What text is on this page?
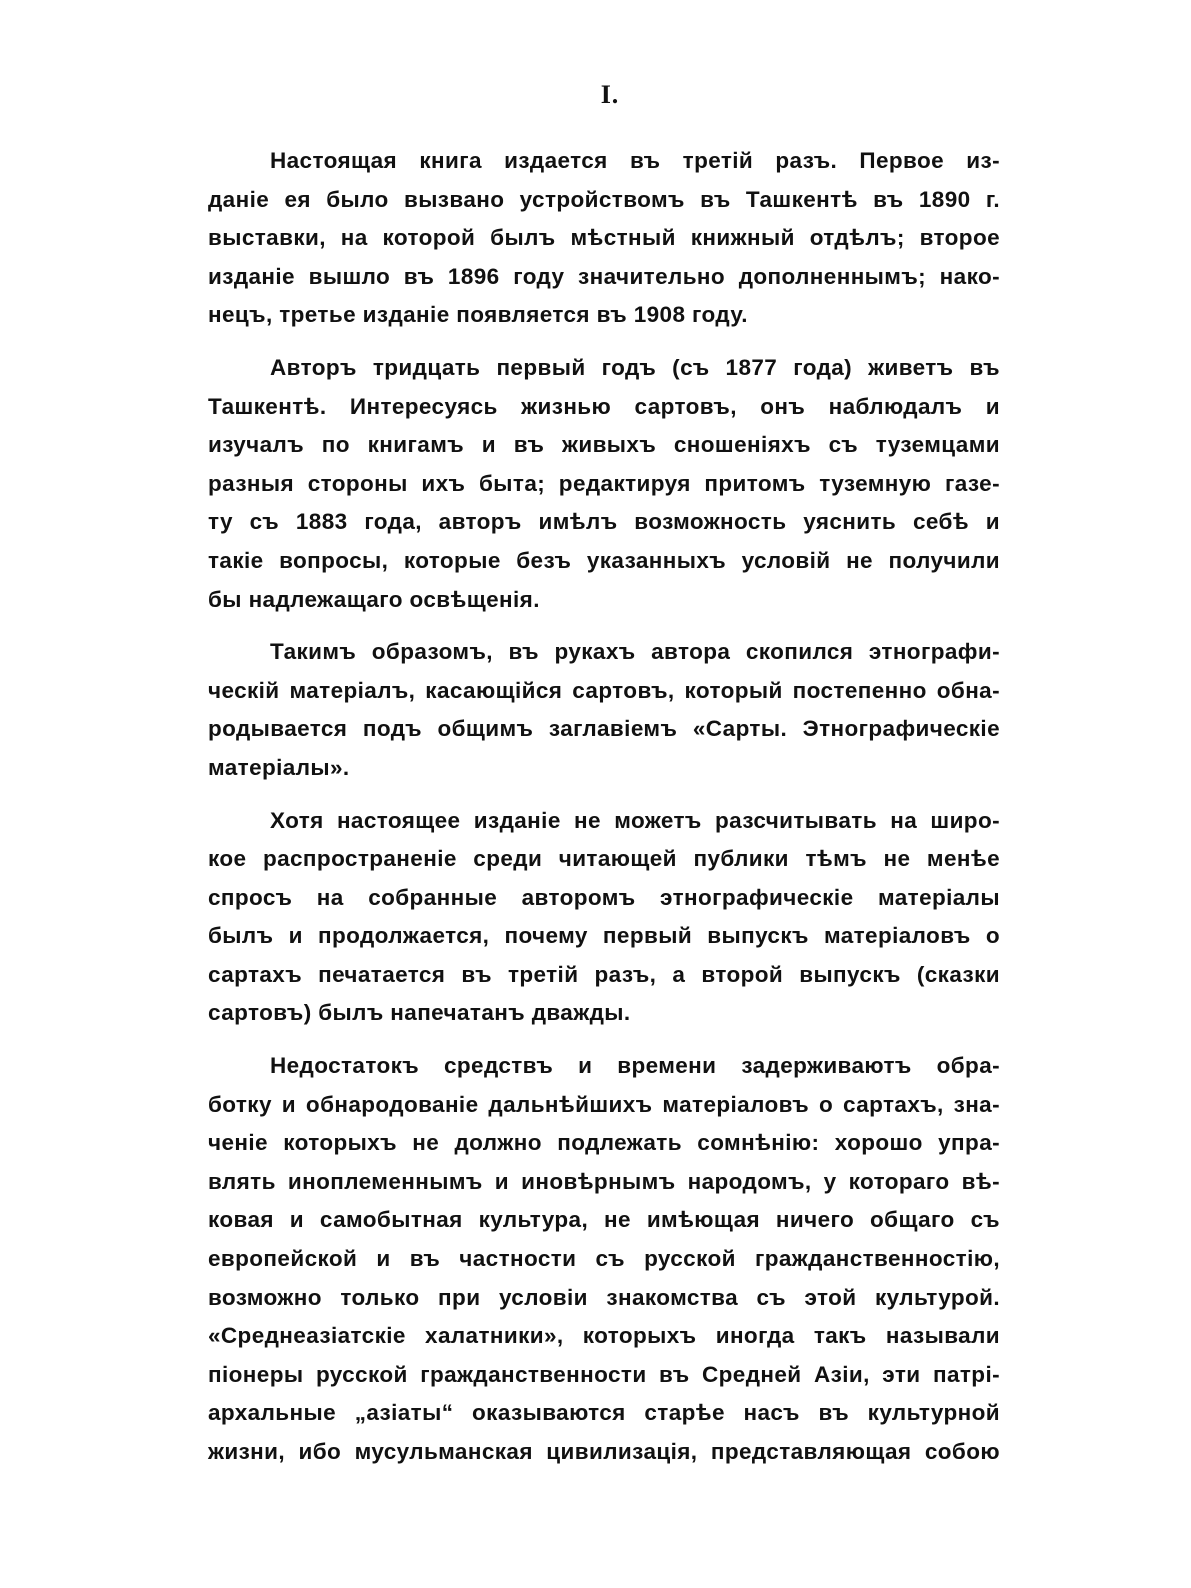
I.

Настоящая книга издается въ третій разъ. Первое из-
даніе ея было вызвано устройствомъ въ Ташкентѣ въ 1890 г.
выставки, на которой былъ мѣстный книжный отдѣлъ; второе
изданіе вышло въ 1896 году значительно дополненнымъ; нако-
нецъ, третье изданіе появляется въ 1908 году.

Авторъ тридцать первый годъ (съ 1877 года) живетъ въ
Ташкентѣ. Интересуясь жизнью сартовъ, онъ наблюдалъ и
изучалъ по книгамъ и въ живыхъ сношеніяхъ съ туземцами
разныя стороны ихъ быта; редактируя притомъ туземную газе-
ту съ 1883 года, авторъ имѣлъ возможность уяснить себѣ и
такіе вопросы, которые безъ указанныхъ условій не получили
бы надлежащаго освѣщенія.

Такимъ образомъ, въ рукахъ автора скопился этнографи-
ческій матеріалъ, касающійся сартовъ, который постепенно обна-
родывается подъ общимъ заглавіемъ «Сарты. Этнографическіе
матеріалы».

Хотя настоящее изданіе не можетъ разсчитывать на широ-
кое распространеніе среди читающей публики тѣмъ не менѣе
спросъ на собранные авторомъ этнографическіе матеріалы
былъ и продолжается, почему первый выпускъ матеріаловъ о
сартахъ печатается въ третій разъ, а второй выпускъ (сказки
сартовъ) былъ напечатанъ дважды.

Недостатокъ средствъ и времени задерживаютъ обра-
ботку и обнародованіе дальнѣйшихъ матеріаловъ о сартахъ, зна-
ченіе которыхъ не должно подлежать сомнѣнію: хорошо упра-
влять иноплеменнымъ и иновѣрнымъ народомъ, у котораго вѣ-
ковая и самобытная культура, не имѣющая ничего общаго съ
европейской и въ частности съ русской гражданственностію,
возможно только при условіи знакомства съ этой культурой.
«Среднеазіатскіе халатники», которыхъ иногда такъ называли
піонеры русской гражданственности въ Средней Азіи, эти патрі-
архальные „азіаты“ оказываются старѣе насъ въ культурной
жизни, ибо мусульманская цивилизація, представляющая собою
